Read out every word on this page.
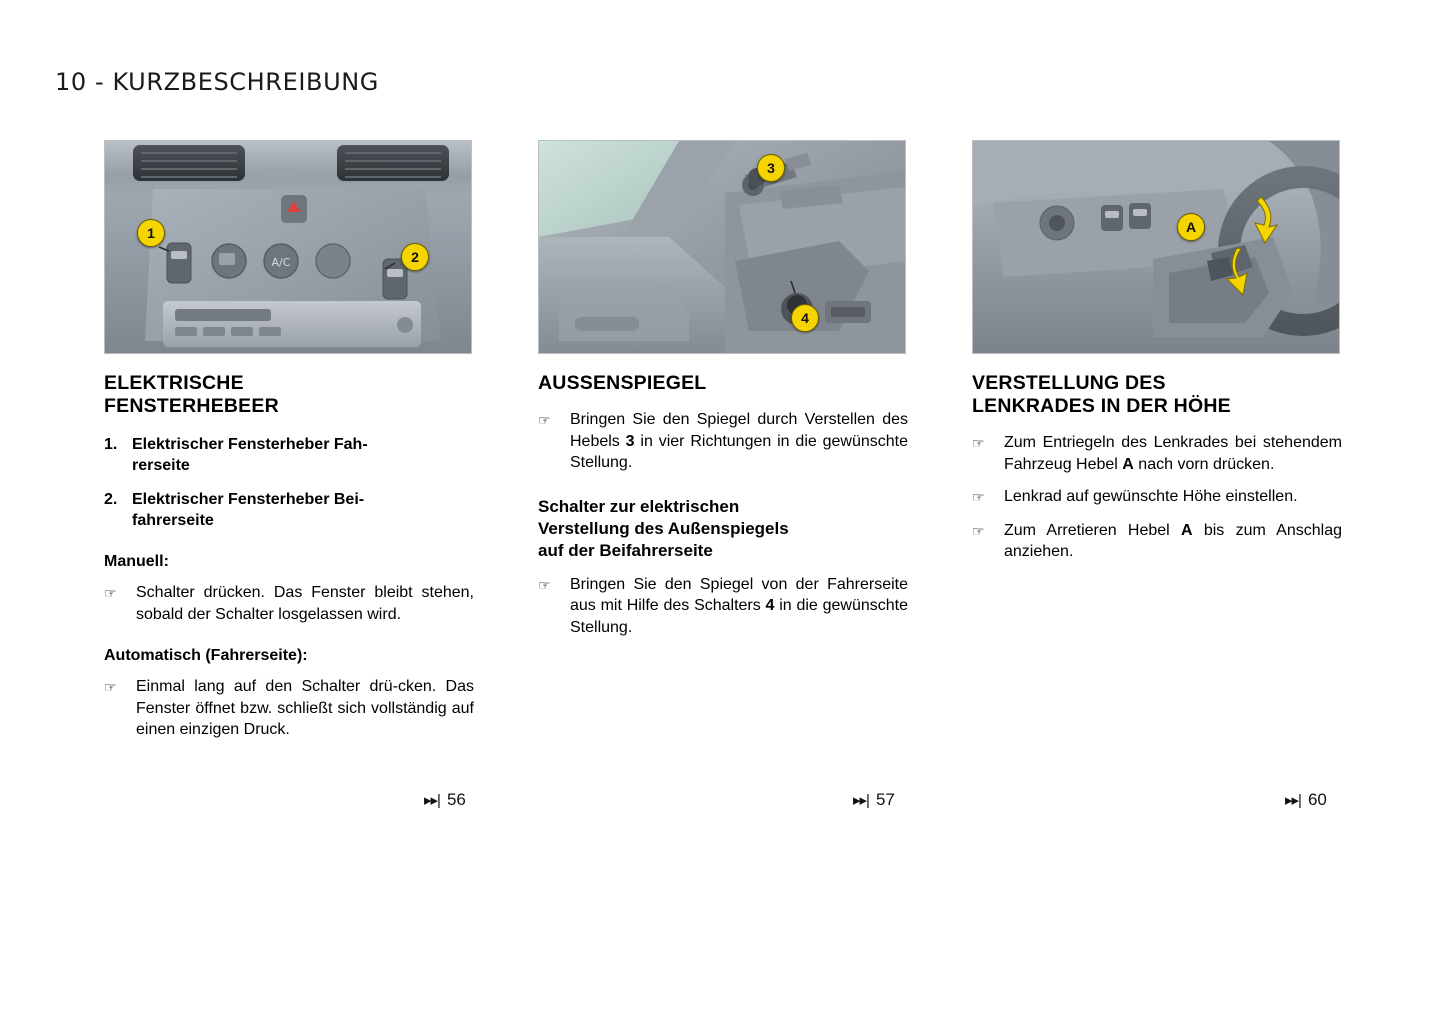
10 - KURZBESCHREIBUNG
A/C
1
2
ELEKTRISCHE
FENSTERHEBEER
1. Elektrischer Fensterheber Fah-
rerseite
2. Elektrischer Fensterheber Bei-
fahrerseite
Manuell:
☞	Schalter drücken. Das Fenster bleibt stehen, sobald der Schalter losgelassen wird.
Automatisch (Fahrerseite):
☞	Einmal lang auf den Schalter drü-cken. Das Fenster öffnet bzw. schließt sich vollständig auf einen einzigen Druck.
3
4
AUSSENSPIEGEL
☞	Bringen Sie den Spiegel durch Verstellen des Hebels 3 in vier Richtungen in die gewünschte Stellung.
Schalter zur elektrischen
Verstellung des Außenspiegels
auf der Beifahrerseite
☞	Bringen Sie den Spiegel von der Fahrerseite aus mit Hilfe des Schalters 4 in die gewünschte Stellung.
A
VERSTELLUNG DES
LENKRADES IN DER HÖHE
☞	Zum Entriegeln des Lenkrades bei stehendem Fahrzeug Hebel A nach vorn drücken.
☞	Lenkrad auf gewünschte Höhe einstellen.
☞	Zum Arretieren Hebel A bis zum Anschlag anziehen.
▸▸| 56	▸▸| 57	▸▸| 60
